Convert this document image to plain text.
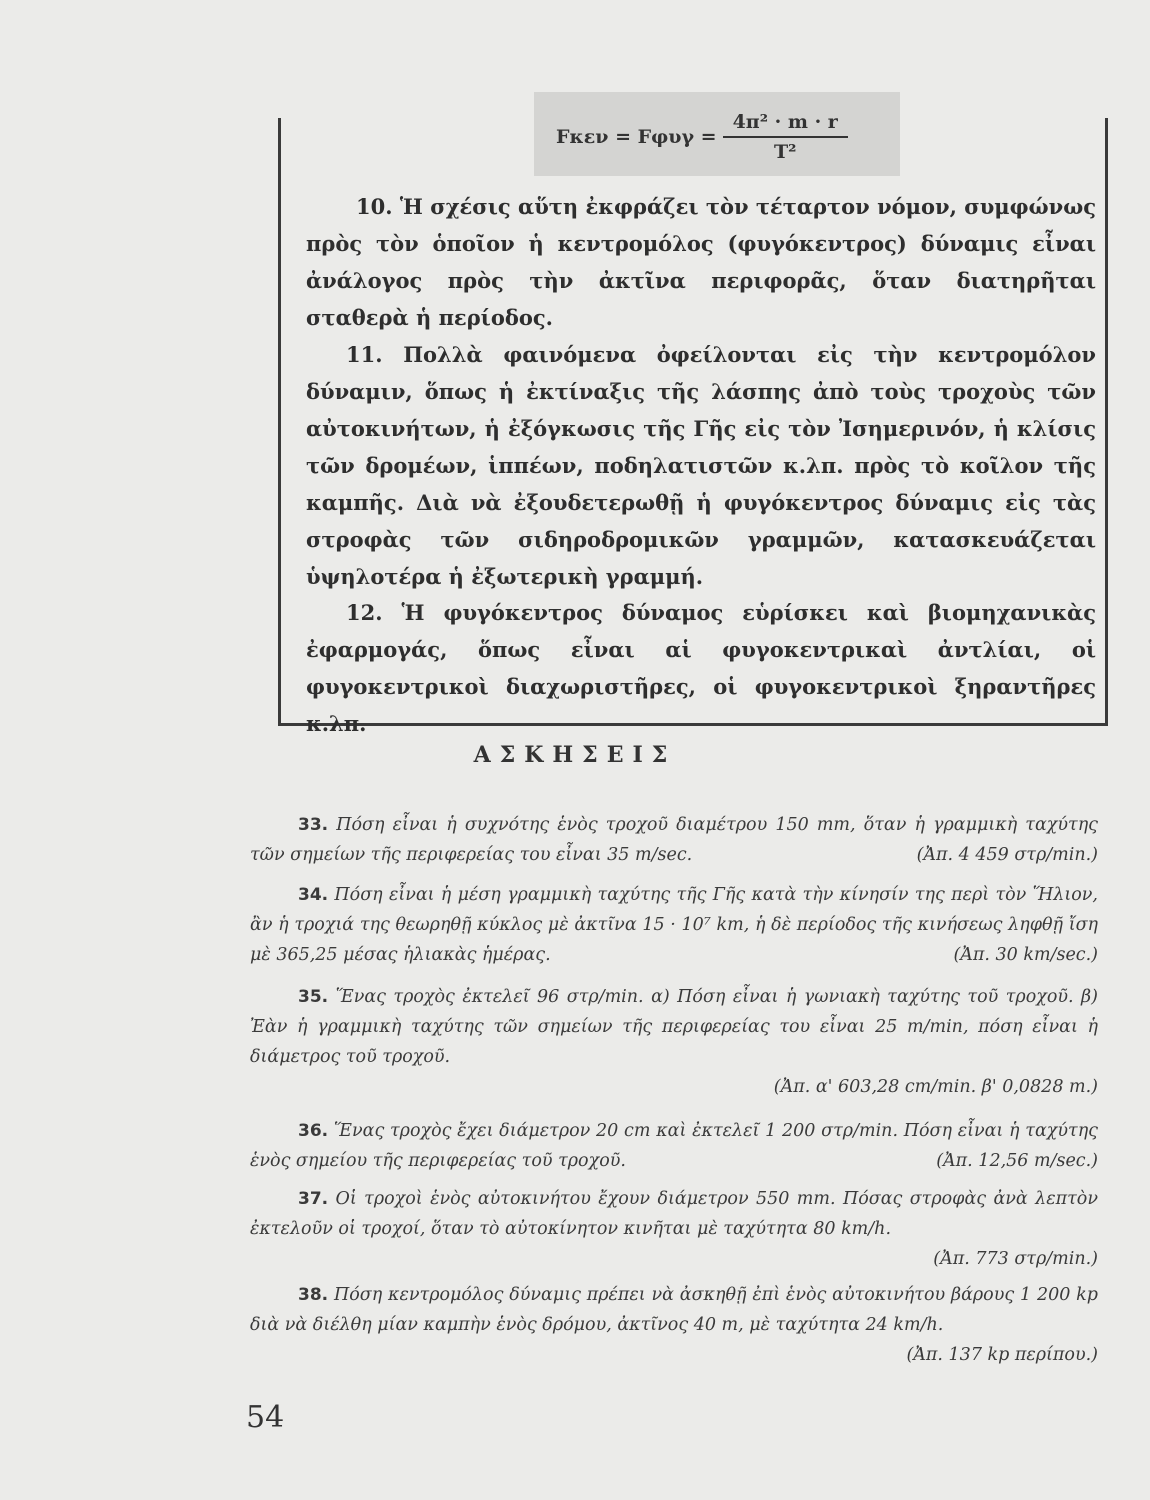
$F\kappa\varepsilon\nu = F\varphi\upsilon\gamma = \frac{\text{4π² · m · r}}{\text{T²}}$

10. Ἡ σχέσις αὕτη ἐκφράζει τὸν τέταρτον νόμον, συμφώνως πρὸς τὸν ὁποῖον ἡ κεντρομόλος (φυγόκεντρος) δύναμις εἶναι ἀνάλογος πρὸς τὴν ἀκτῖνα περιφορᾶς, ὅταν διατηρῆται σταθερὰ ἡ περίοδος.

11. Πολλὰ φαινόμενα ὀφείλονται εἰς τὴν κεντρομόλον δύναμιν, ὅπως ἡ ἐκτίναξις τῆς λάσπης ἀπὸ τοὺς τροχοὺς τῶν αὐτοκινήτων, ἡ ἐξόγκωσις τῆς Γῆς εἰς τὸν Ἰσημερινόν, ἡ κλίσις τῶν δρομέων, ἱππέων, ποδηλατιστῶν κ.λπ. πρὸς τὸ κοῖλον τῆς καμπῆς. Διὰ νὰ ἐξουδετερωθῇ ἡ φυγόκεντρος δύναμις εἰς τὰς στροφὰς τῶν σιδηροδρομικῶν γραμμῶν, κατασκευάζεται ὑψηλοτέρα ἡ ἐξωτερικὴ γραμμή.

12. Ἡ φυγόκεντρος δύναμος εὑρίσκει καὶ βιομηχανικὰς ἐφαρμογάς, ὅπως εἶναι αἱ φυγοκεντρικαὶ ἀντλίαι, οἱ φυγοκεντρικοὶ διαχωριστῆρες, οἱ φυγοκεντρικοὶ ξηραντῆρες κ.λπ.

ΑΣΚΗΣΕΙΣ

33. Πόση εἶναι ἡ συχνότης ἑνὸς τροχοῦ διαμέτρου 150 mm, ὅταν ἡ γραμμικὴ ταχύτης τῶν σημείων τῆς περιφερείας του εἶναι 35 m/sec.	(Ἀπ. 4 459 στρ/min.)

34. Πόση εἶναι ἡ μέση γραμμικὴ ταχύτης τῆς Γῆς κατὰ τὴν κίνησίν της περὶ τὸν Ἥλιον, ἂν ἡ τροχιά της θεωρηθῇ κύκλος μὲ ἀκτῖνα 15 · 10⁷ km, ἡ δὲ περίοδος τῆς κινήσεως ληφθῇ ἴση μὲ 365,25 μέσας ἡλιακὰς ἡμέρας.	(Ἀπ. 30 km/sec.)

35. Ἕνας τροχὸς ἐκτελεῖ 96 στρ/min. α) Πόση εἶναι ἡ γωνιακὴ ταχύτης τοῦ τροχοῦ. β) Ἐὰν ἡ γραμμικὴ ταχύτης τῶν σημείων τῆς περιφερείας του εἶναι 25 m/min, πόση εἶναι ἡ διάμετρος τοῦ τροχοῦ.
(Ἀπ. α' 603,28 cm/min. β' 0,0828 m.)

36. Ἕνας τροχὸς ἔχει διάμετρον 20 cm καὶ ἐκτελεῖ 1 200 στρ/min. Πόση εἶναι ἡ ταχύτης ἑνὸς σημείου τῆς περιφερείας τοῦ τροχοῦ.	(Ἀπ. 12,56 m/sec.)

37. Οἱ τροχοὶ ἑνὸς αὐτοκινήτου ἔχουν διάμετρον 550 mm. Πόσας στροφὰς ἀνὰ λεπτὸν ἐκτελοῦν οἱ τροχοί, ὅταν τὸ αὐτοκίνητον κινῆται μὲ ταχύτητα 80 km/h.
(Ἀπ. 773 στρ/min.)

38. Πόση κεντρομόλος δύναμις πρέπει νὰ ἀσκηθῇ ἐπὶ ἑνὸς αὐτοκινήτου βάρους 1 200 kp διὰ νὰ διέλθη μίαν καμπὴν ἑνὸς δρόμου, ἀκτῖνος 40 m, μὲ ταχύτητα 24 km/h.
(Ἀπ. 137 kp περίπου.)

54
